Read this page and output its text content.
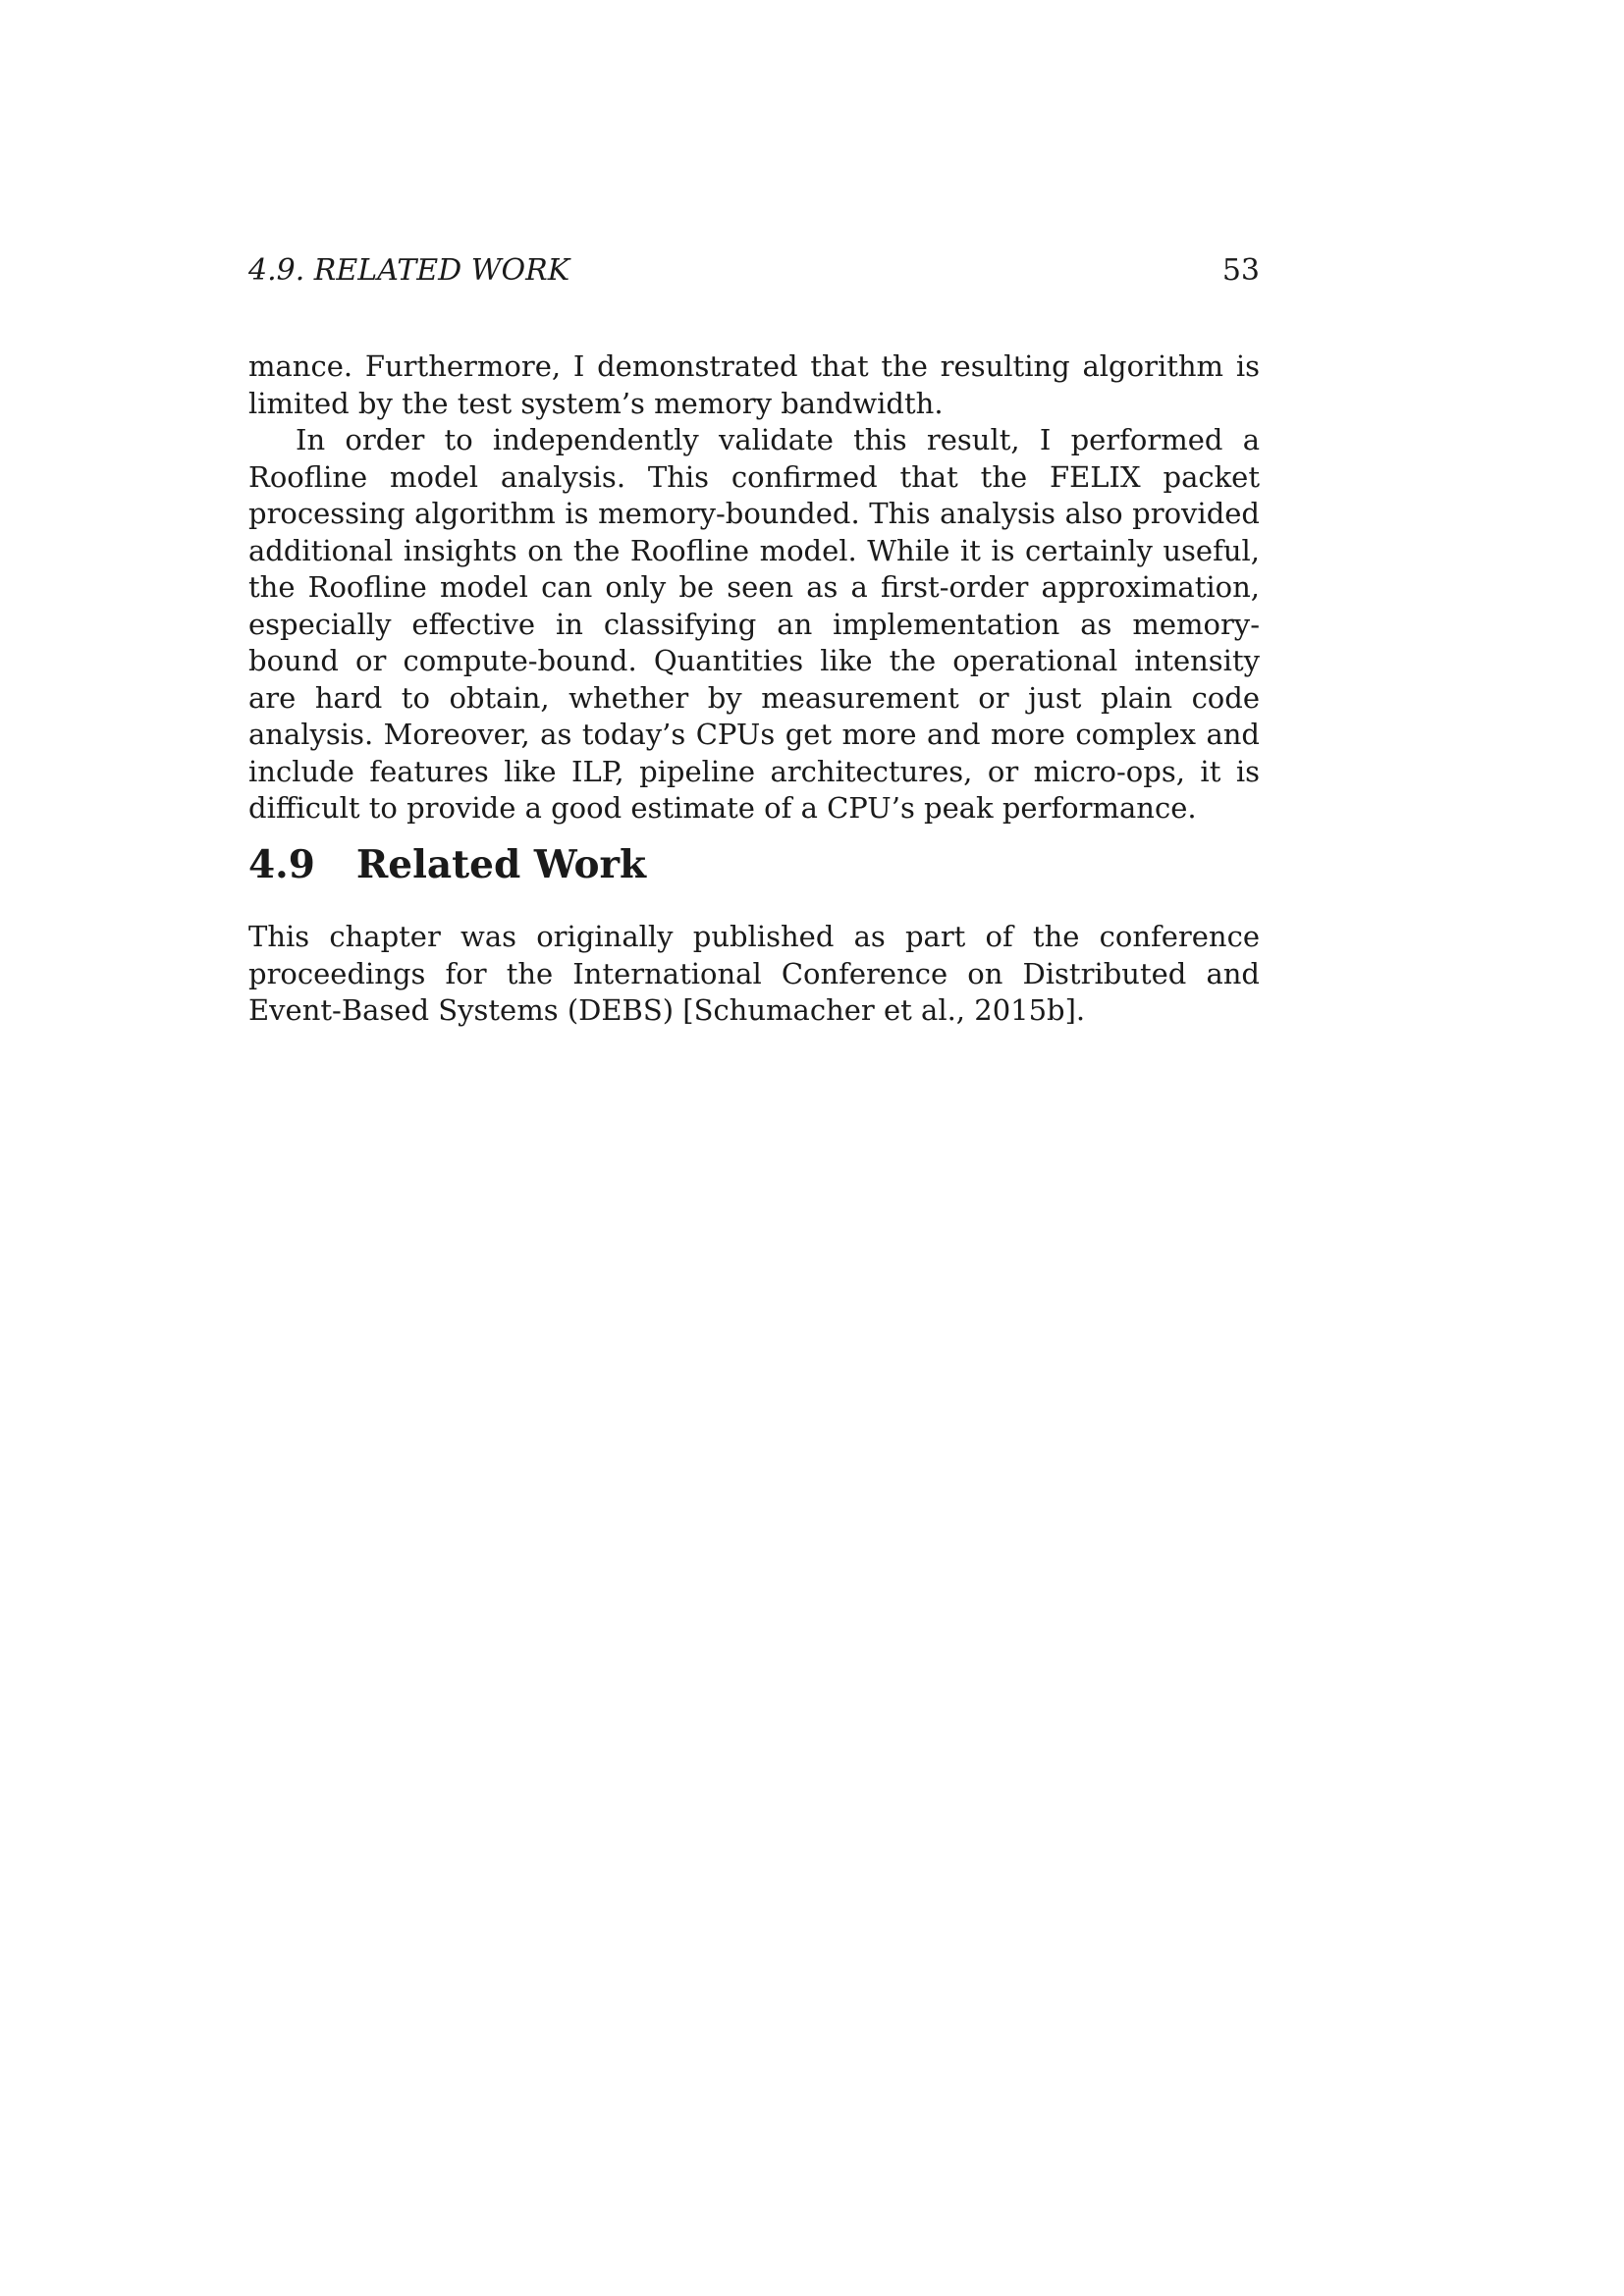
4.9. RELATED WORK	53

mance. Furthermore, I demonstrated that the resulting algorithm is limited by the test system’s memory bandwidth.

In order to independently validate this result, I performed a Roofline model analysis. This confirmed that the FELIX packet processing algorithm is memory-bounded. This analysis also provided additional insights on the Roofline model. While it is certainly useful, the Roofline model can only be seen as a first-order approximation, especially effective in classifying an implementation as memory-bound or compute-bound. Quantities like the operational intensity are hard to obtain, whether by measurement or just plain code analysis. Moreover, as today’s CPUs get more and more complex and include features like ILP, pipeline architectures, or micro-ops, it is difficult to provide a good estimate of a CPU’s peak performance.

4.9 Related Work

This chapter was originally published as part of the conference proceedings for the International Conference on Distributed and Event-Based Systems (DEBS) [Schumacher et al., 2015b].
